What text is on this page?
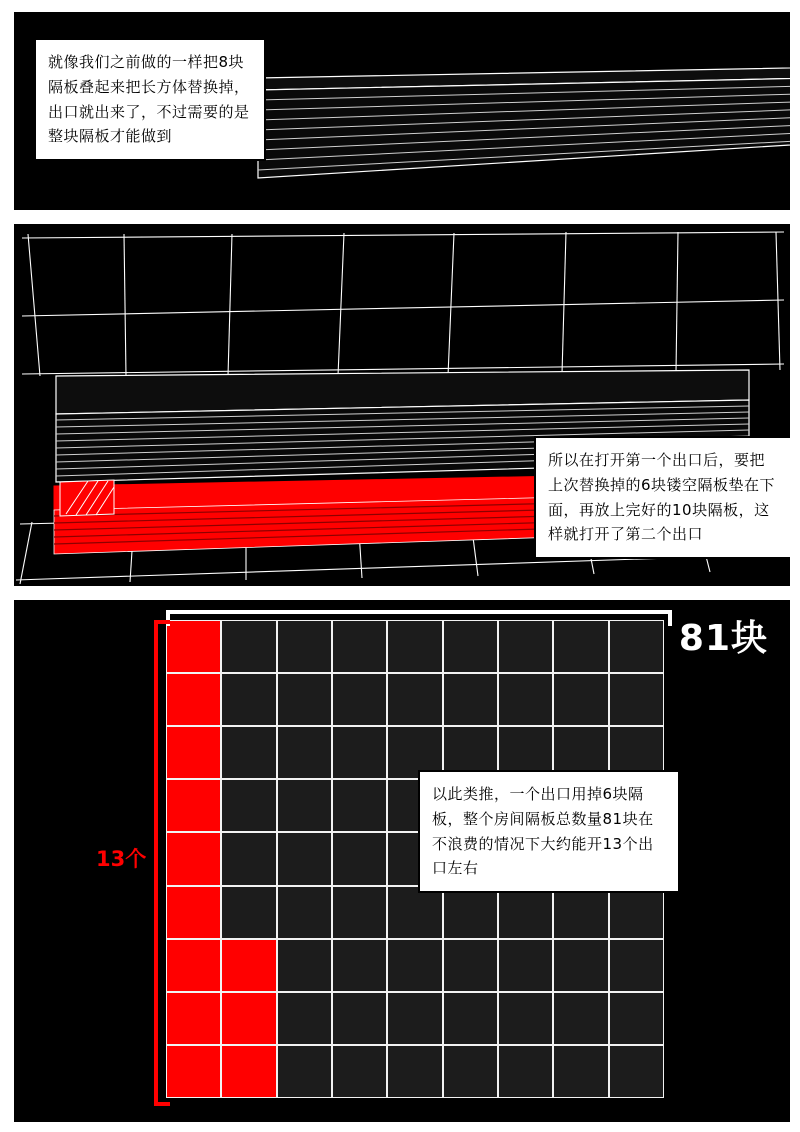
就像我们之前做的一样把8块隔板叠起来把长方体替换掉，出口就出来了，不过需要的是整块隔板才能做到
所以在打开第一个出口后，要把上次替换掉的6块镂空隔板垫在下面，再放上完好的10块隔板，这样就打开了第二个出口
81块
13个
以此类推，一个出口用掉6块隔板，整个房间隔板总数量81块在不浪费的情况下大约能开13个出口左右
